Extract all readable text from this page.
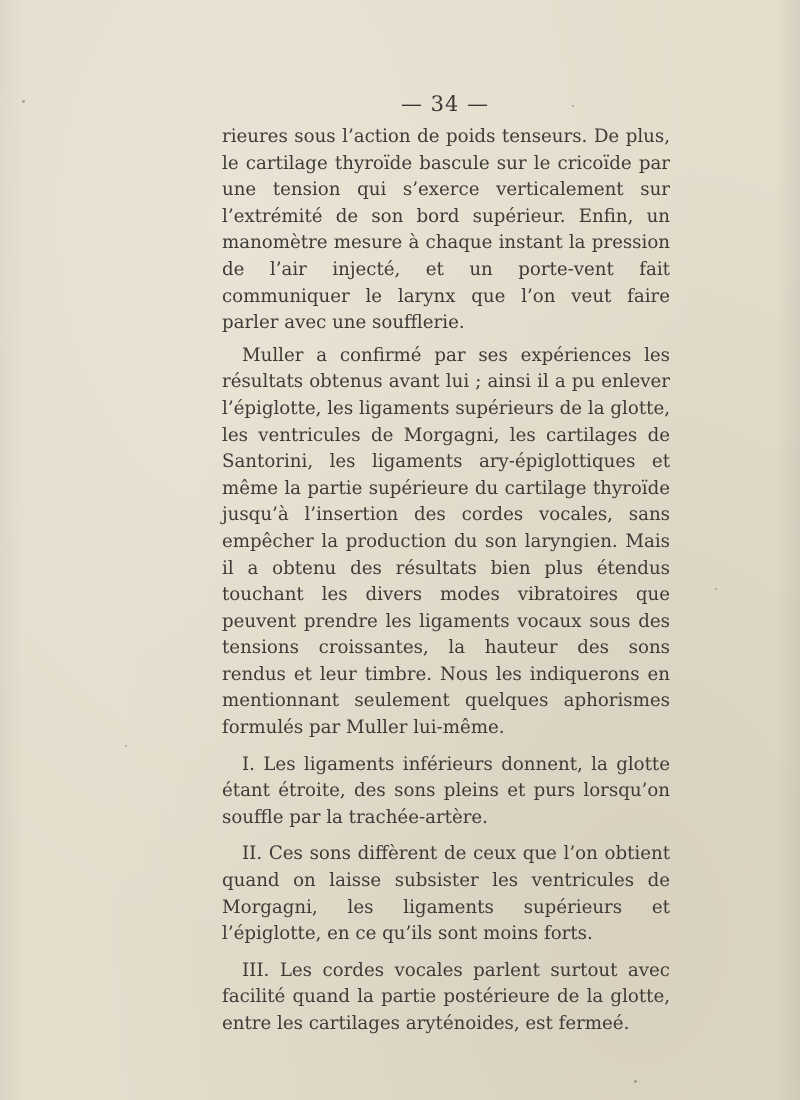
— 34 —

rieures sous l’action de poids tenseurs. De plus, le cartilage thyroïde bascule sur le cricoïde par une tension qui s’exerce verticalement sur l’extrémité de son bord supérieur. Enfin, un manomètre mesure à chaque instant la pression de l’air injecté, et un porte-vent fait communiquer le larynx que l’on veut faire parler avec une soufflerie.

Muller a confirmé par ses expériences les résultats obtenus avant lui ; ainsi il a pu enlever l’épiglotte, les ligaments supérieurs de la glotte, les ventricules de Morgagni, les cartilages de Santorini, les ligaments ary-épiglottiques et même la partie supérieure du cartilage thyroïde jusqu’à l’insertion des cordes vocales, sans empêcher la production du son laryngien. Mais il a obtenu des résultats bien plus étendus touchant les divers modes vibratoires que peuvent prendre les ligaments vocaux sous des tensions croissantes, la hauteur des sons rendus et leur timbre. Nous les indiquerons en mentionnant seulement quelques aphorismes formulés par Muller lui-même.

I. Les ligaments inférieurs donnent, la glotte étant étroite, des sons pleins et purs lorsqu’on souffle par la trachée-artère.

II. Ces sons diffèrent de ceux que l’on obtient quand on laisse subsister les ventricules de Morgagni, les ligaments supérieurs et l’épiglotte, en ce qu’ils sont moins forts.

III. Les cordes vocales parlent surtout avec facilité quand la partie postérieure de la glotte, entre les cartilages aryténoides, est fermeé.
